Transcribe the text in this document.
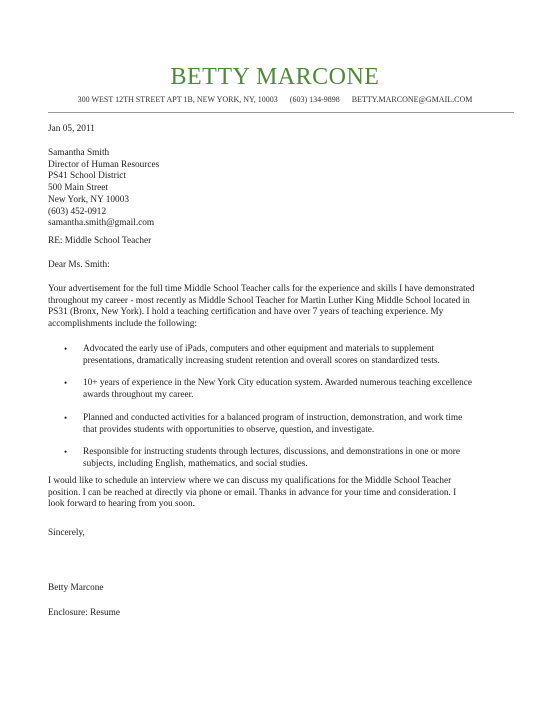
BETTY MARCONE
300 WEST 12TH STREET APT 1B, NEW YORK, NY, 10003 (603) 134-9898 BETTY.MARCONE@GMAIL.COM
Jan 05, 2011
Samantha Smith
Director of Human Resources
PS41 School District
500 Main Street
New York, NY 10003
(603) 452-0912
samantha.smith@gmail.com
RE: Middle School Teacher
Dear Ms. Smith:
Your advertisement for the full time Middle School Teacher calls for the experience and skills I have demonstrated
throughout my career - most recently as Middle School Teacher for Martin Luther King Middle School located in
PS31 (Bronx, New York). I hold a teaching certification and have over 7 years of teaching experience. My
accomplishments include the following:
• Advocated the early use of iPads, computers and other equipment and materials to supplement
presentations, dramatically increasing student retention and overall scores on standardized tests.
• 10+ years of experience in the New York City education system. Awarded numerous teaching excellence
awards throughout my career.
• Planned and conducted activities for a balanced program of instruction, demonstration, and work time
that provides students with opportunities to observe, question, and investigate.
• Responsible for instructing students through lectures, discussions, and demonstrations in one or more
subjects, including English, mathematics, and social studies.
I would like to schedule an interview where we can discuss my qualifications for the Middle School Teacher
position. I can be reached at directly via phone or email. Thanks in advance for your time and consideration. I
look forward to hearing from you soon.
Sincerely,
Betty Marcone
Enclosure: Resume
